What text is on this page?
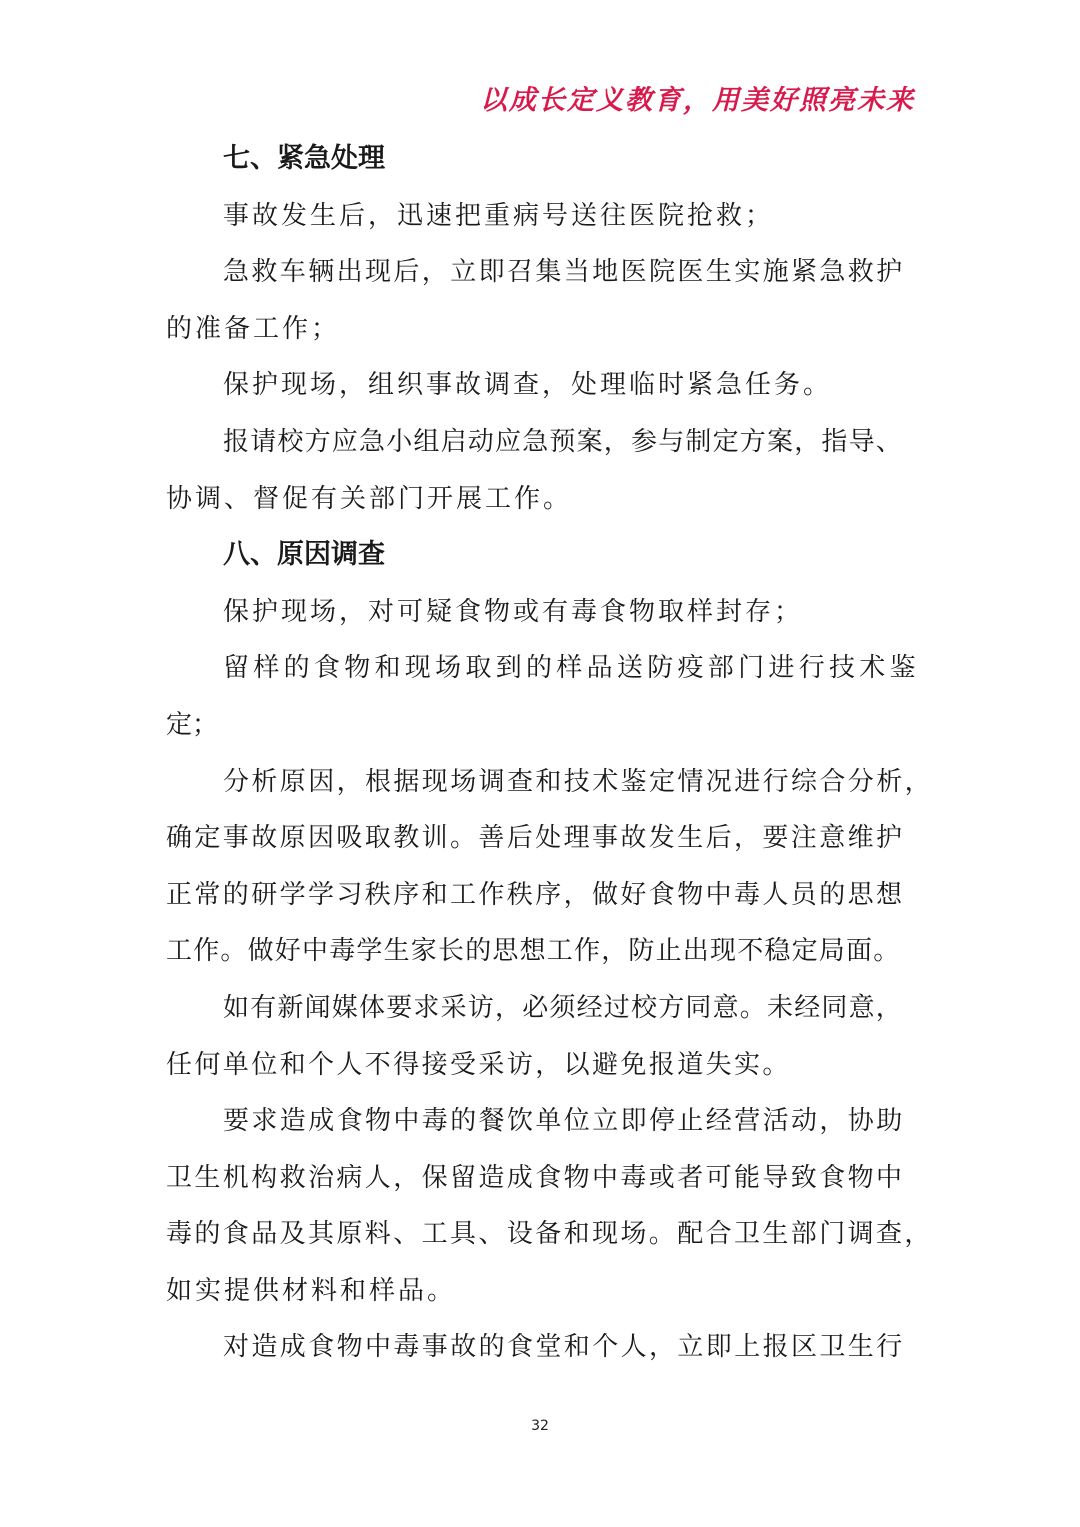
以成长定义教育，用美好照亮未来
七、紧急处理
事故发生后，迅速把重病号送往医院抢救；
急救车辆出现后，立即召集当地医院医生实施紧急救护
的准备工作；
保护现场，组织事故调查，处理临时紧急任务。
报请校方应急小组启动应急预案，参与制定方案，指导、
协调、督促有关部门开展工作。
八、原因调查
保护现场，对可疑食物或有毒食物取样封存；
留样的食物和现场取到的样品送防疫部门进行技术鉴
定；
分析原因，根据现场调查和技术鉴定情况进行综合分析，
确定事故原因吸取教训。善后处理事故发生后，要注意维护
正常的研学学习秩序和工作秩序，做好食物中毒人员的思想
工作。做好中毒学生家长的思想工作，防止出现不稳定局面。
如有新闻媒体要求采访，必须经过校方同意。未经同意，
任何单位和个人不得接受采访，以避免报道失实。
要求造成食物中毒的餐饮单位立即停止经营活动，协助
卫生机构救治病人，保留造成食物中毒或者可能导致食物中
毒的食品及其原料、工具、设备和现场。配合卫生部门调查，
如实提供材料和样品。
对造成食物中毒事故的食堂和个人，立即上报区卫生行
32
